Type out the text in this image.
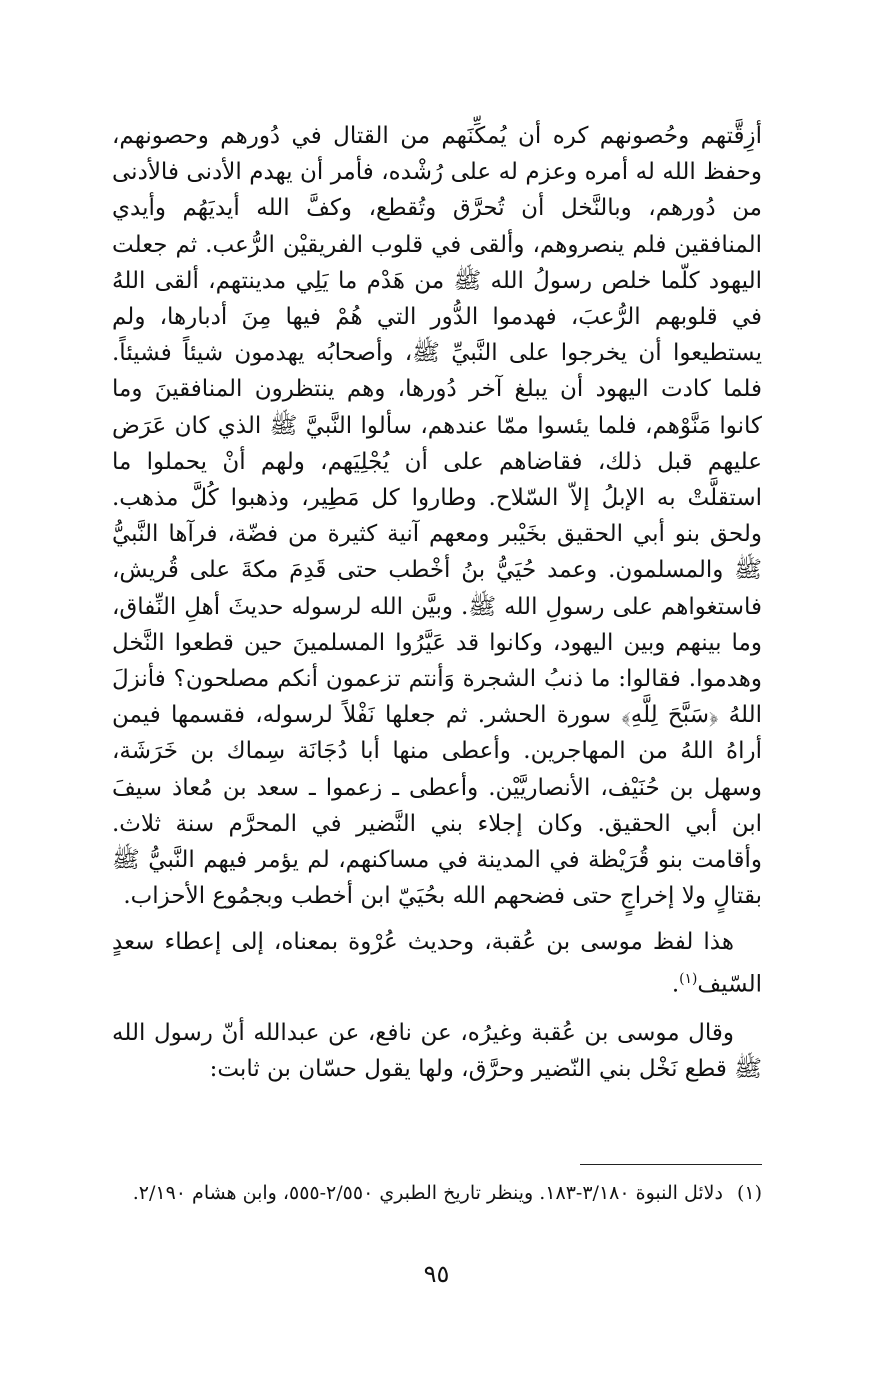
أزِقَّتهم وحُصونهم كره أن يُمكِّنَهم من القتال في دُورهم وحصونهم، وحفظ الله له أمره وعزم له على رُشْده، فأمر أن يهدم الأدنى فالأدنى من دُورهم، وبالنَّخل أن تُحرَّق وتُقطع، وكفَّ الله أيديَهُم وأيدي المنافقين فلم ينصروهم، وألقى في قلوب الفريقيْن الرُّعب. ثم جعلت اليهود كلّما خلص رسولُ الله ﷺ من هَدْم ما يَلِي مدينتهم، ألقى اللهُ في قلوبهم الرُّعبَ، فهدموا الدُّور التي هُمْ فيها مِنَ أدبارها، ولم يستطيعوا أن يخرجوا على النَّبيِّ ﷺ، وأصحابُه يهدمون شيئاً فشيئاً. فلما كادت اليهود أن يبلغ آخر دُورها، وهم ينتظرون المنافقينَ وما كانوا مَنَّوْهم، فلما يئسوا ممّا عندهم، سألوا النَّبيَّ ﷺ الذي كان عَرَض عليهم قبل ذلك، فقاضاهم على أن يُجْلِيَهم، ولهم أنْ يحملوا ما استقلَّتْ به الإبلُ إلاّ السّلاح. وطاروا كل مَطِير، وذهبوا كُلَّ مذهب. ولحق بنو أبي الحقيق بخَيْبر ومعهم آنية كثيرة من فضّة، فرآها النَّبيُّ ﷺ والمسلمون. وعمد حُيَيُّ بنُ أخْطب حتى قَدِمَ مكةَ على قُريش، فاستغواهم على رسولِ الله ﷺ. وبيَّن الله لرسوله حديثَ أهلِ النِّفاق، وما بينهم وبين اليهود، وكانوا قد عَيَّرُوا المسلمينَ حين قطعوا النَّخل وهدموا. فقالوا: ما ذنبُ الشجرة وَأنتم تزعمون أنكم مصلحون؟ فأنزلَ اللهُ ﴿سَبَّحَ لِلَّهِ﴾ سورة الحشر. ثم جعلها نَفْلاً لرسوله، فقسمها فيمن أراهُ اللهُ من المهاجرين. وأعطى منها أبا دُجَانَة سِماك بن خَرَشَة، وسهل بن حُنَيْف، الأنصاريَّيْن. وأعطى ـ زعموا ـ سعد بن مُعاذ سيفَ ابن أبي الحقيق. وكان إجلاء بني النَّضير في المحرَّم سنة ثلاث. وأقامت بنو قُرَيْظة في المدينة في مساكنهم، لم يؤمر فيهم النَّبيُّ ﷺ بقتالٍ ولا إخراجٍ حتى فضحهم الله بحُيَيّ ابن أخطب وبجمُوع الأحزاب.

هذا لفظ موسى بن عُقبة، وحديث عُرْوة بمعناه، إلى إعطاء سعدٍ السّيف$^{(١)}$.

وقال موسى بن عُقبة وغيرُه، عن نافع، عن عبدالله أنّ رسول الله ﷺ قطع نَخْل بني النّضير وحرَّق، ولها يقول حسّان بن ثابت:

(١)دلائل النبوة ٣/١٨٠-١٨٣. وينظر تاريخ الطبري ٢/٥٥٠-٥٥٥، وابن هشام ٢/١٩٠.
٩٥
